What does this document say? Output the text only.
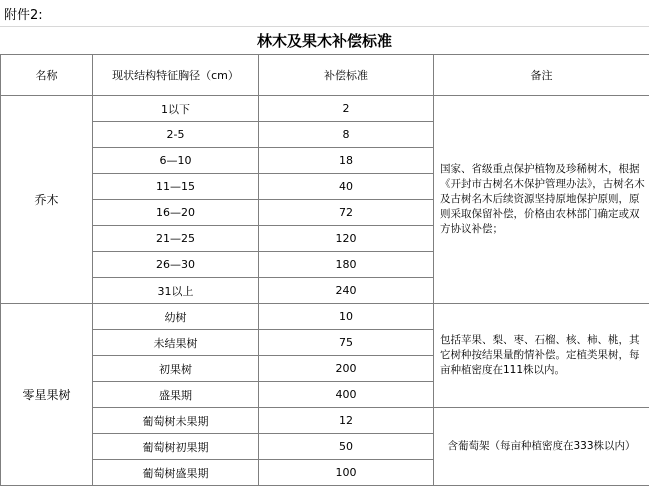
附件2:
林木及果木补偿标准
名称	现状结构特征胸径（cm）	补偿标准	备注
乔木	1以下	2	国家、省级重点保护植物及珍稀树木，根据《开封市古树名木保护管理办法》，古树名木及古树名木后续资源坚持原地保护原则，原则采取保留补偿，价格由农林部门确定或双方协议补偿；
	2-5	8	
	6—10	18	
	11—15	40	
	16—20	72	
	21—25	120	
	26—30	180	
	31以上	240	
零星果树	幼树	10	包括苹果、梨、枣、石榴、核、柿、桃，其它树种按结果量酌情补偿。定植类果树，每亩种植密度在111株以内。
	未结果树	75	
	初果树	200	
	盛果期	400	
	葡萄树未果期	12	含葡萄架（每亩种植密度在333株以内）
	葡萄树初果期	50	
	葡萄树盛果期	100	
